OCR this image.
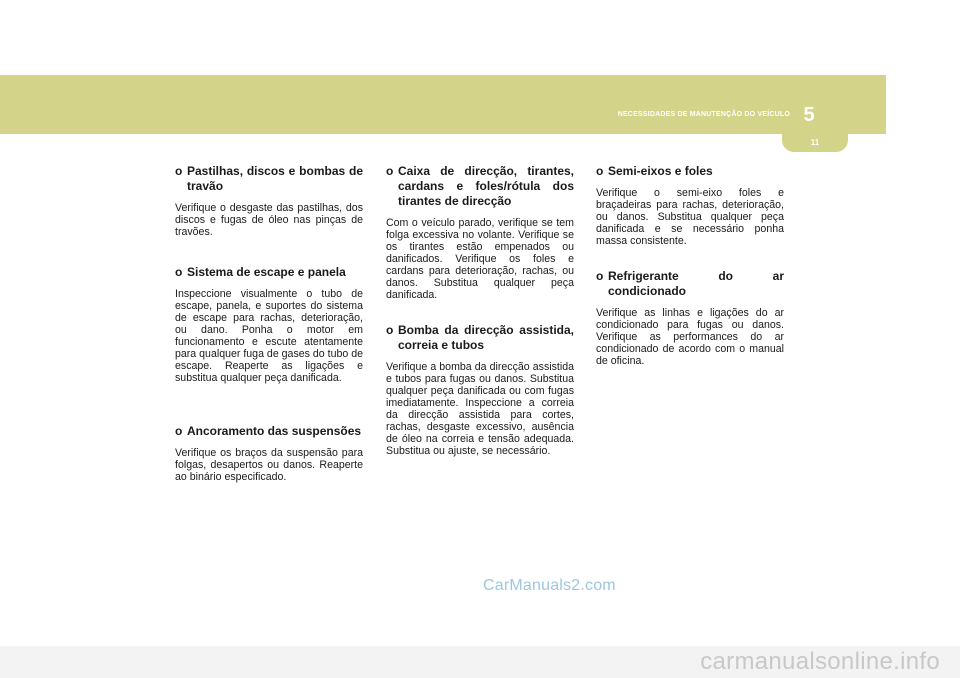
NECESSIDADES DE MANUTENÇÃO DO VEÍCULO 5
11
o Pastilhas, discos e bombas de travão

Verifique o desgaste das pastilhas, dos discos e fugas de óleo nas pinças de travões.

o Sistema de escape e panela

Inspeccione visualmente o tubo de escape, panela, e suportes do sistema de escape para rachas, deterioração, ou dano. Ponha o motor em funcionamento e escute atentamente para qualquer fuga de gases do tubo de escape. Reaperte as ligações e substitua qualquer peça danificada.

o Ancoramento das suspensões

Verifique os braços da suspensão para folgas, desapertos ou danos. Reaperte ao binário especificado.

o Caixa de direcção, tirantes, cardans e foles/rótula dos tirantes de direcção

Com o veículo parado, verifique se tem folga excessiva no volante. Verifique se os tirantes estão empenados ou danificados. Verifique os foles e cardans para deterioração, rachas, ou danos. Substitua qualquer peça danificada.

o Bomba da direcção assistida, correia e tubos

Verifique a bomba da direcção assistida e tubos para fugas ou danos. Substitua qualquer peça danificada ou com fugas imediatamente. Inspeccione a correia da direcção assistida para cortes, rachas, desgaste excessivo, ausência de óleo na correia e tensão adequada. Substitua ou ajuste, se necessário.

o Semi-eixos e foles

Verifique o semi-eixo foles e braçadeiras para rachas, deterioração, ou danos. Substitua qualquer peça danificada e se necessário ponha massa consistente.

o Refrigerante do ar condicionado

Verifique as linhas e ligações do ar condicionado para fugas ou danos. Verifique as performances do ar condicionado de acordo com o manual de oficina.

CarManuals2.com
carmanualsonline.info
